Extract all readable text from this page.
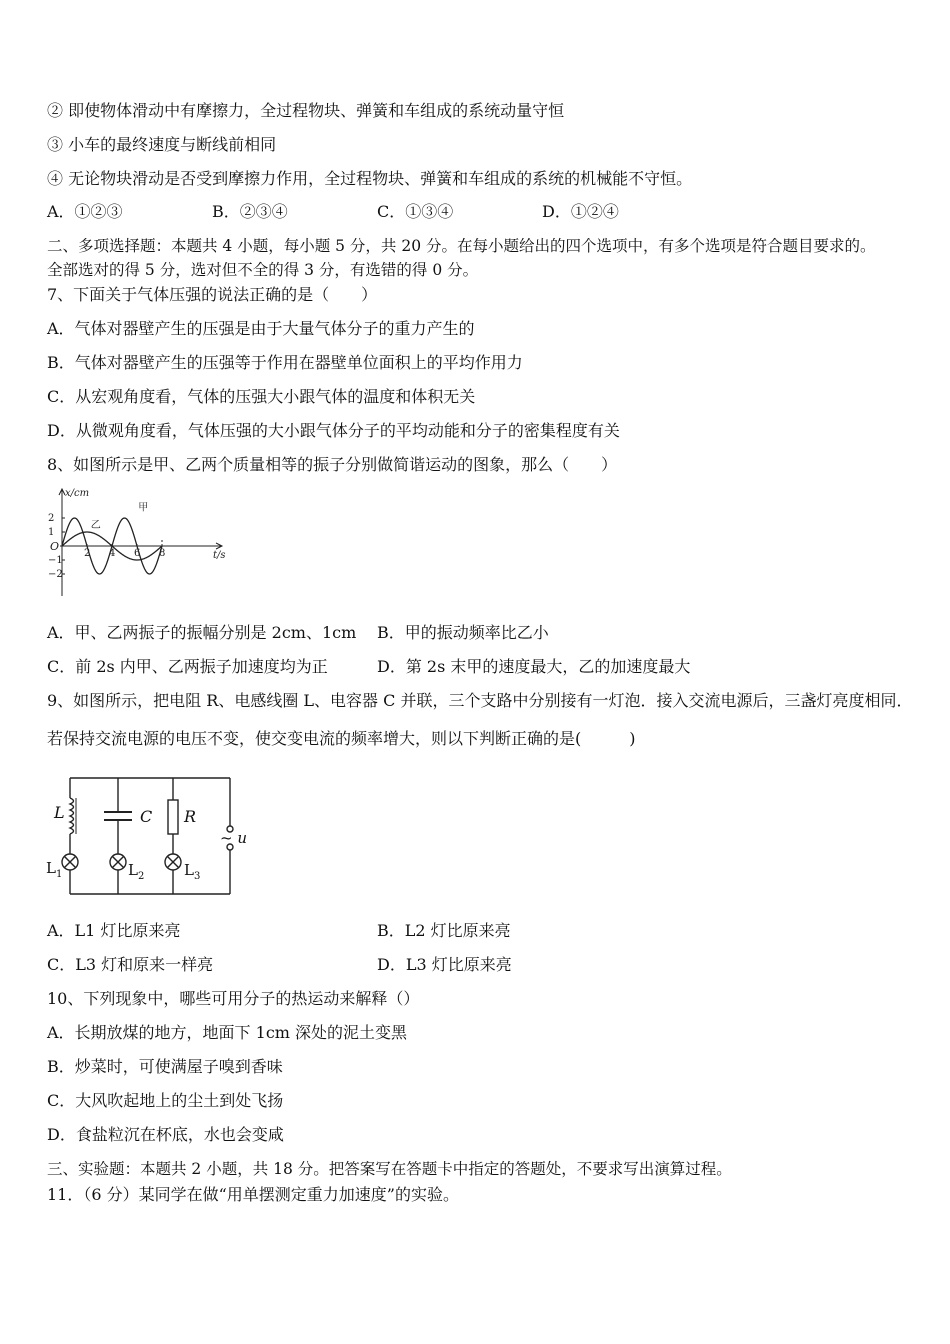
② 即使物体滑动中有摩擦力，全过程物块、弹簧和车组成的系统动量守恒
③ 小车的最终速度与断线前相同
④ 无论物块滑动是否受到摩擦力作用，全过程物块、弹簧和车组成的系统的机械能不守恒。
A．①②③	B．②③④	C．①③④	D．①②④
二、多项选择题：本题共 4 小题，每小题 5 分，共 20 分。在每小题给出的四个选项中，有多个选项是符合题目要求的。
全部选对的得 5 分，选对但不全的得 3 分，有选错的得 0 分。
7、下面关于气体压强的说法正确的是（　　）
A．气体对器壁产生的压强是由于大量气体分子的重力产生的
B．气体对器壁产生的压强等于作用在器壁单位面积上的平均作用力
C．从宏观角度看，气体的压强大小跟气体的温度和体积无关
D．从微观角度看，气体压强的大小跟气体分子的平均动能和分子的密集程度有关
8、如图所示是甲、乙两个质量相等的振子分别做简谐运动的图象，那么（　　）
x/cm
t/s
O
2 4 6 8
2
1
−1
−2
甲
乙
A．甲、乙两振子的振幅分别是 2cm、1cm B．甲的振动频率比乙小
C．前 2s 内甲、乙两振子加速度均为正	D．第 2s 末甲的速度最大，乙的加速度最大
9、如图所示，把电阻 R、电感线圈 L、电容器 C 并联，三个支路中分别接有一灯泡．接入交流电源后，三盏灯亮度相同．
若保持交流电源的电压不变，使交变电流的频率增大，则以下判断正确的是(　　　)
L	C R
~ u
$L_1$	$L_2$	$L_3$
A．L1 灯比原来亮	B．L2 灯比原来亮
C．L3 灯和原来一样亮	D．L3 灯比原来亮
10、下列现象中，哪些可用分子的热运动来解释（）
A．长期放煤的地方，地面下 1cm 深处的泥土变黑
B．炒菜时，可使满屋子嗅到香味
C．大风吹起地上的尘土到处飞扬
D．食盐粒沉在杯底，水也会变咸
三、实验题：本题共 2 小题，共 18 分。把答案写在答题卡中指定的答题处，不要求写出演算过程。
11．（6 分）某同学在做“用单摆测定重力加速度”的实验。
